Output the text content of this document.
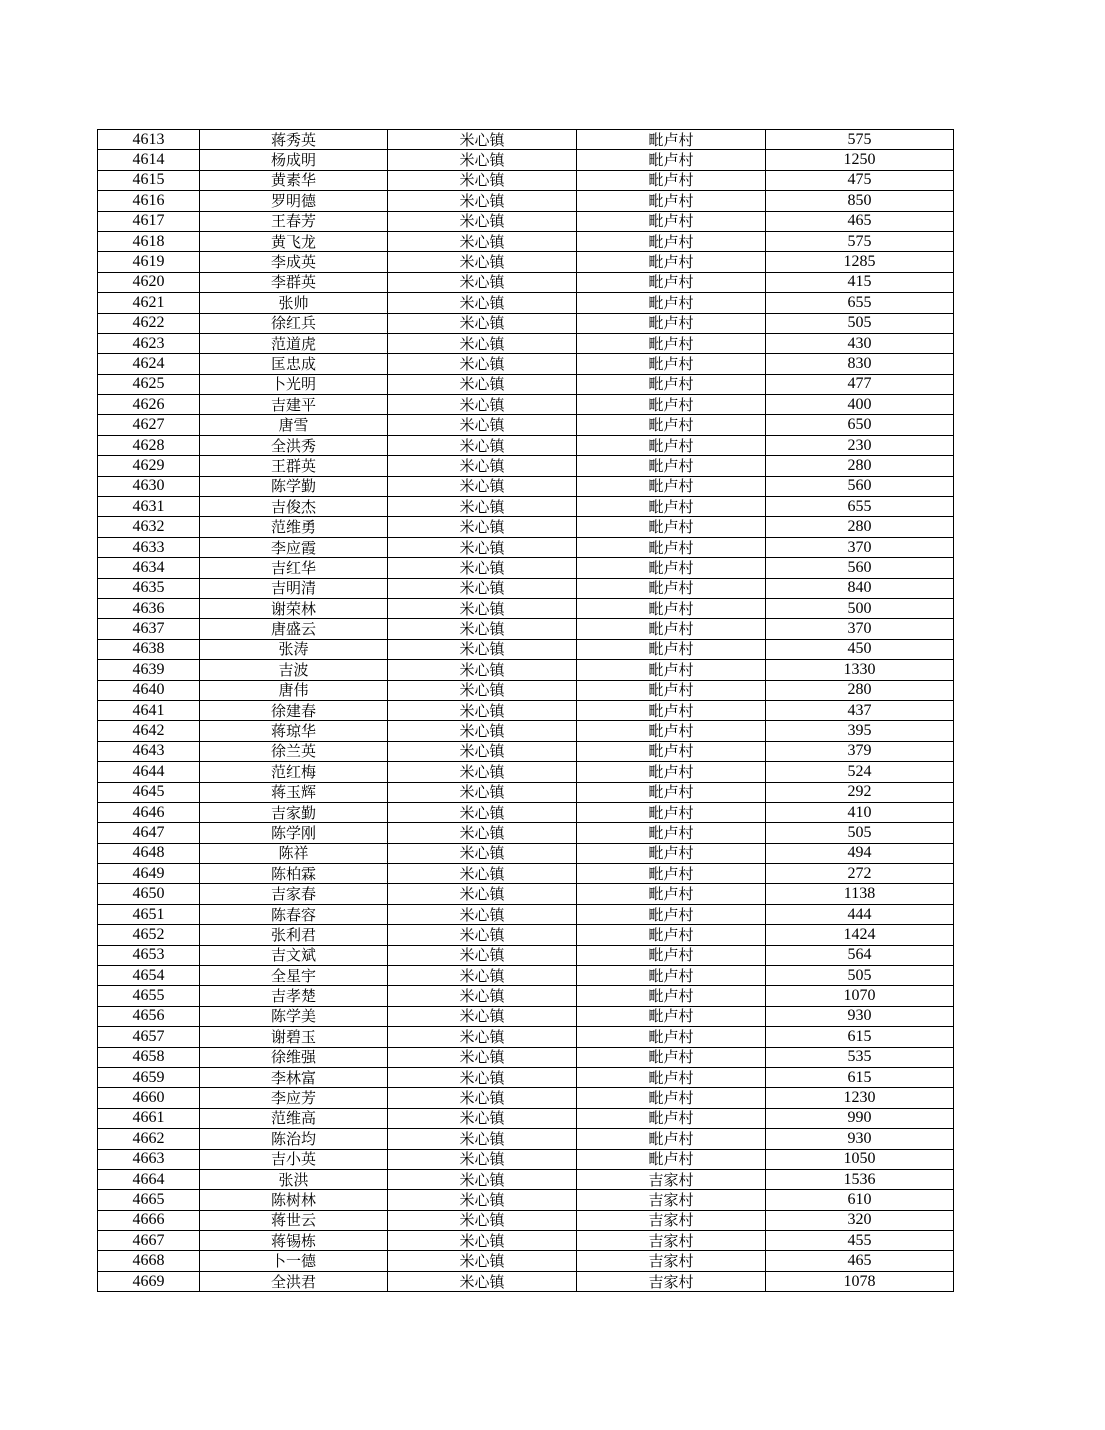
4613	蒋秀英	米心镇	毗卢村	575
4614	杨成明	米心镇	毗卢村	1250
4615	黄素华	米心镇	毗卢村	475
4616	罗明德	米心镇	毗卢村	850
4617	王春芳	米心镇	毗卢村	465
4618	黄飞龙	米心镇	毗卢村	575
4619	李成英	米心镇	毗卢村	1285
4620	李群英	米心镇	毗卢村	415
4621	张帅	米心镇	毗卢村	655
4622	徐红兵	米心镇	毗卢村	505
4623	范道虎	米心镇	毗卢村	430
4624	匡忠成	米心镇	毗卢村	830
4625	卜光明	米心镇	毗卢村	477
4626	吉建平	米心镇	毗卢村	400
4627	唐雪	米心镇	毗卢村	650
4628	全洪秀	米心镇	毗卢村	230
4629	王群英	米心镇	毗卢村	280
4630	陈学勤	米心镇	毗卢村	560
4631	吉俊杰	米心镇	毗卢村	655
4632	范维勇	米心镇	毗卢村	280
4633	李应霞	米心镇	毗卢村	370
4634	吉红华	米心镇	毗卢村	560
4635	吉明清	米心镇	毗卢村	840
4636	谢荣林	米心镇	毗卢村	500
4637	唐盛云	米心镇	毗卢村	370
4638	张涛	米心镇	毗卢村	450
4639	吉波	米心镇	毗卢村	1330
4640	唐伟	米心镇	毗卢村	280
4641	徐建春	米心镇	毗卢村	437
4642	蒋琼华	米心镇	毗卢村	395
4643	徐兰英	米心镇	毗卢村	379
4644	范红梅	米心镇	毗卢村	524
4645	蒋玉辉	米心镇	毗卢村	292
4646	吉家勤	米心镇	毗卢村	410
4647	陈学刚	米心镇	毗卢村	505
4648	陈祥	米心镇	毗卢村	494
4649	陈柏霖	米心镇	毗卢村	272
4650	吉家春	米心镇	毗卢村	1138
4651	陈春容	米心镇	毗卢村	444
4652	张利君	米心镇	毗卢村	1424
4653	吉文斌	米心镇	毗卢村	564
4654	全星宇	米心镇	毗卢村	505
4655	吉孝楚	米心镇	毗卢村	1070
4656	陈学美	米心镇	毗卢村	930
4657	谢碧玉	米心镇	毗卢村	615
4658	徐维强	米心镇	毗卢村	535
4659	李林富	米心镇	毗卢村	615
4660	李应芳	米心镇	毗卢村	1230
4661	范维高	米心镇	毗卢村	990
4662	陈治均	米心镇	毗卢村	930
4663	吉小英	米心镇	毗卢村	1050
4664	张洪	米心镇	吉家村	1536
4665	陈树林	米心镇	吉家村	610
4666	蒋世云	米心镇	吉家村	320
4667	蒋锡栋	米心镇	吉家村	455
4668	卜一德	米心镇	吉家村	465
4669	全洪君	米心镇	吉家村	1078
